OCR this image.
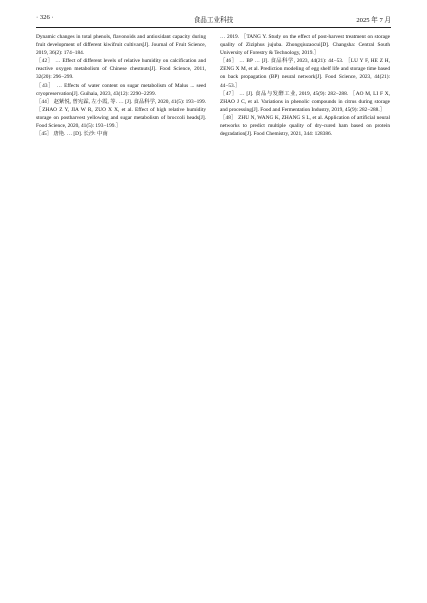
食品工业科技
· 326 ·	2025 年 7 月

Dynamic changes in total phenols, flavonoids and antioxidant capacity during fruit development of different kiwifruit cultivars[J]. Journal of Fruit Science, 2019, 36(2): 174−184.

［42］ … Effect of different levels of relative humidity on calcification and reactive oxygen metabolism of Chinese chestnuts[J]. Food Science, 2011, 32(20): 296−299.

［43］ … Effects of water content on sugar metabolism of Malus ... seed cryopreservation[J]. Guihaia, 2023, 43(12): 2290−2299.

［44］ 赵紫悦, 曾宪霖, 左小霞, 等. … [J]. 食品科学, 2020, 41(5): 193−199. ［ZHAO Z Y, JIA W R, ZUO X X, et al. Effect of high relative humidity storage on postharvest yellowing and sugar metabolism of broccoli heads[J]. Food Science, 2020, 41(5): 193−199.］

［45］ 唐艳. … [D]. 长沙: 中南

… 2019. ［TANG Y. Study on the effect of post-harvest treatment on storage quality of Ziziphus jujuba. Zhongqiuzaocui[D]. Changsha: Central South University of Forestry & Technology, 2019.］

［46］ … BP … [J]. 食品科学, 2023, 44(21): 44−53. ［LU Y F, HE Z H, ZENG X M, et al. Prediction modeling of egg shelf life and storage time based on back propagation (BP) neural network[J]. Food Science, 2023, 44(21): 44−53.］

［47］ … [J]. 食品与发酵工业, 2019, 45(9): 282−288. ［AO M, LI F X, ZHAO J C, et al. Variations in phenolic compounds in citrus during storage and processing[J]. Food and Fermentation Industry, 2019, 45(9): 282−288.］

［48］ ZHU N, WANG K, ZHANG S L, et al. Application of artificial neural networks to predict multiple quality of dry-cured ham based on protein degradation[J]. Food Chemistry, 2021, 344: 128386.
